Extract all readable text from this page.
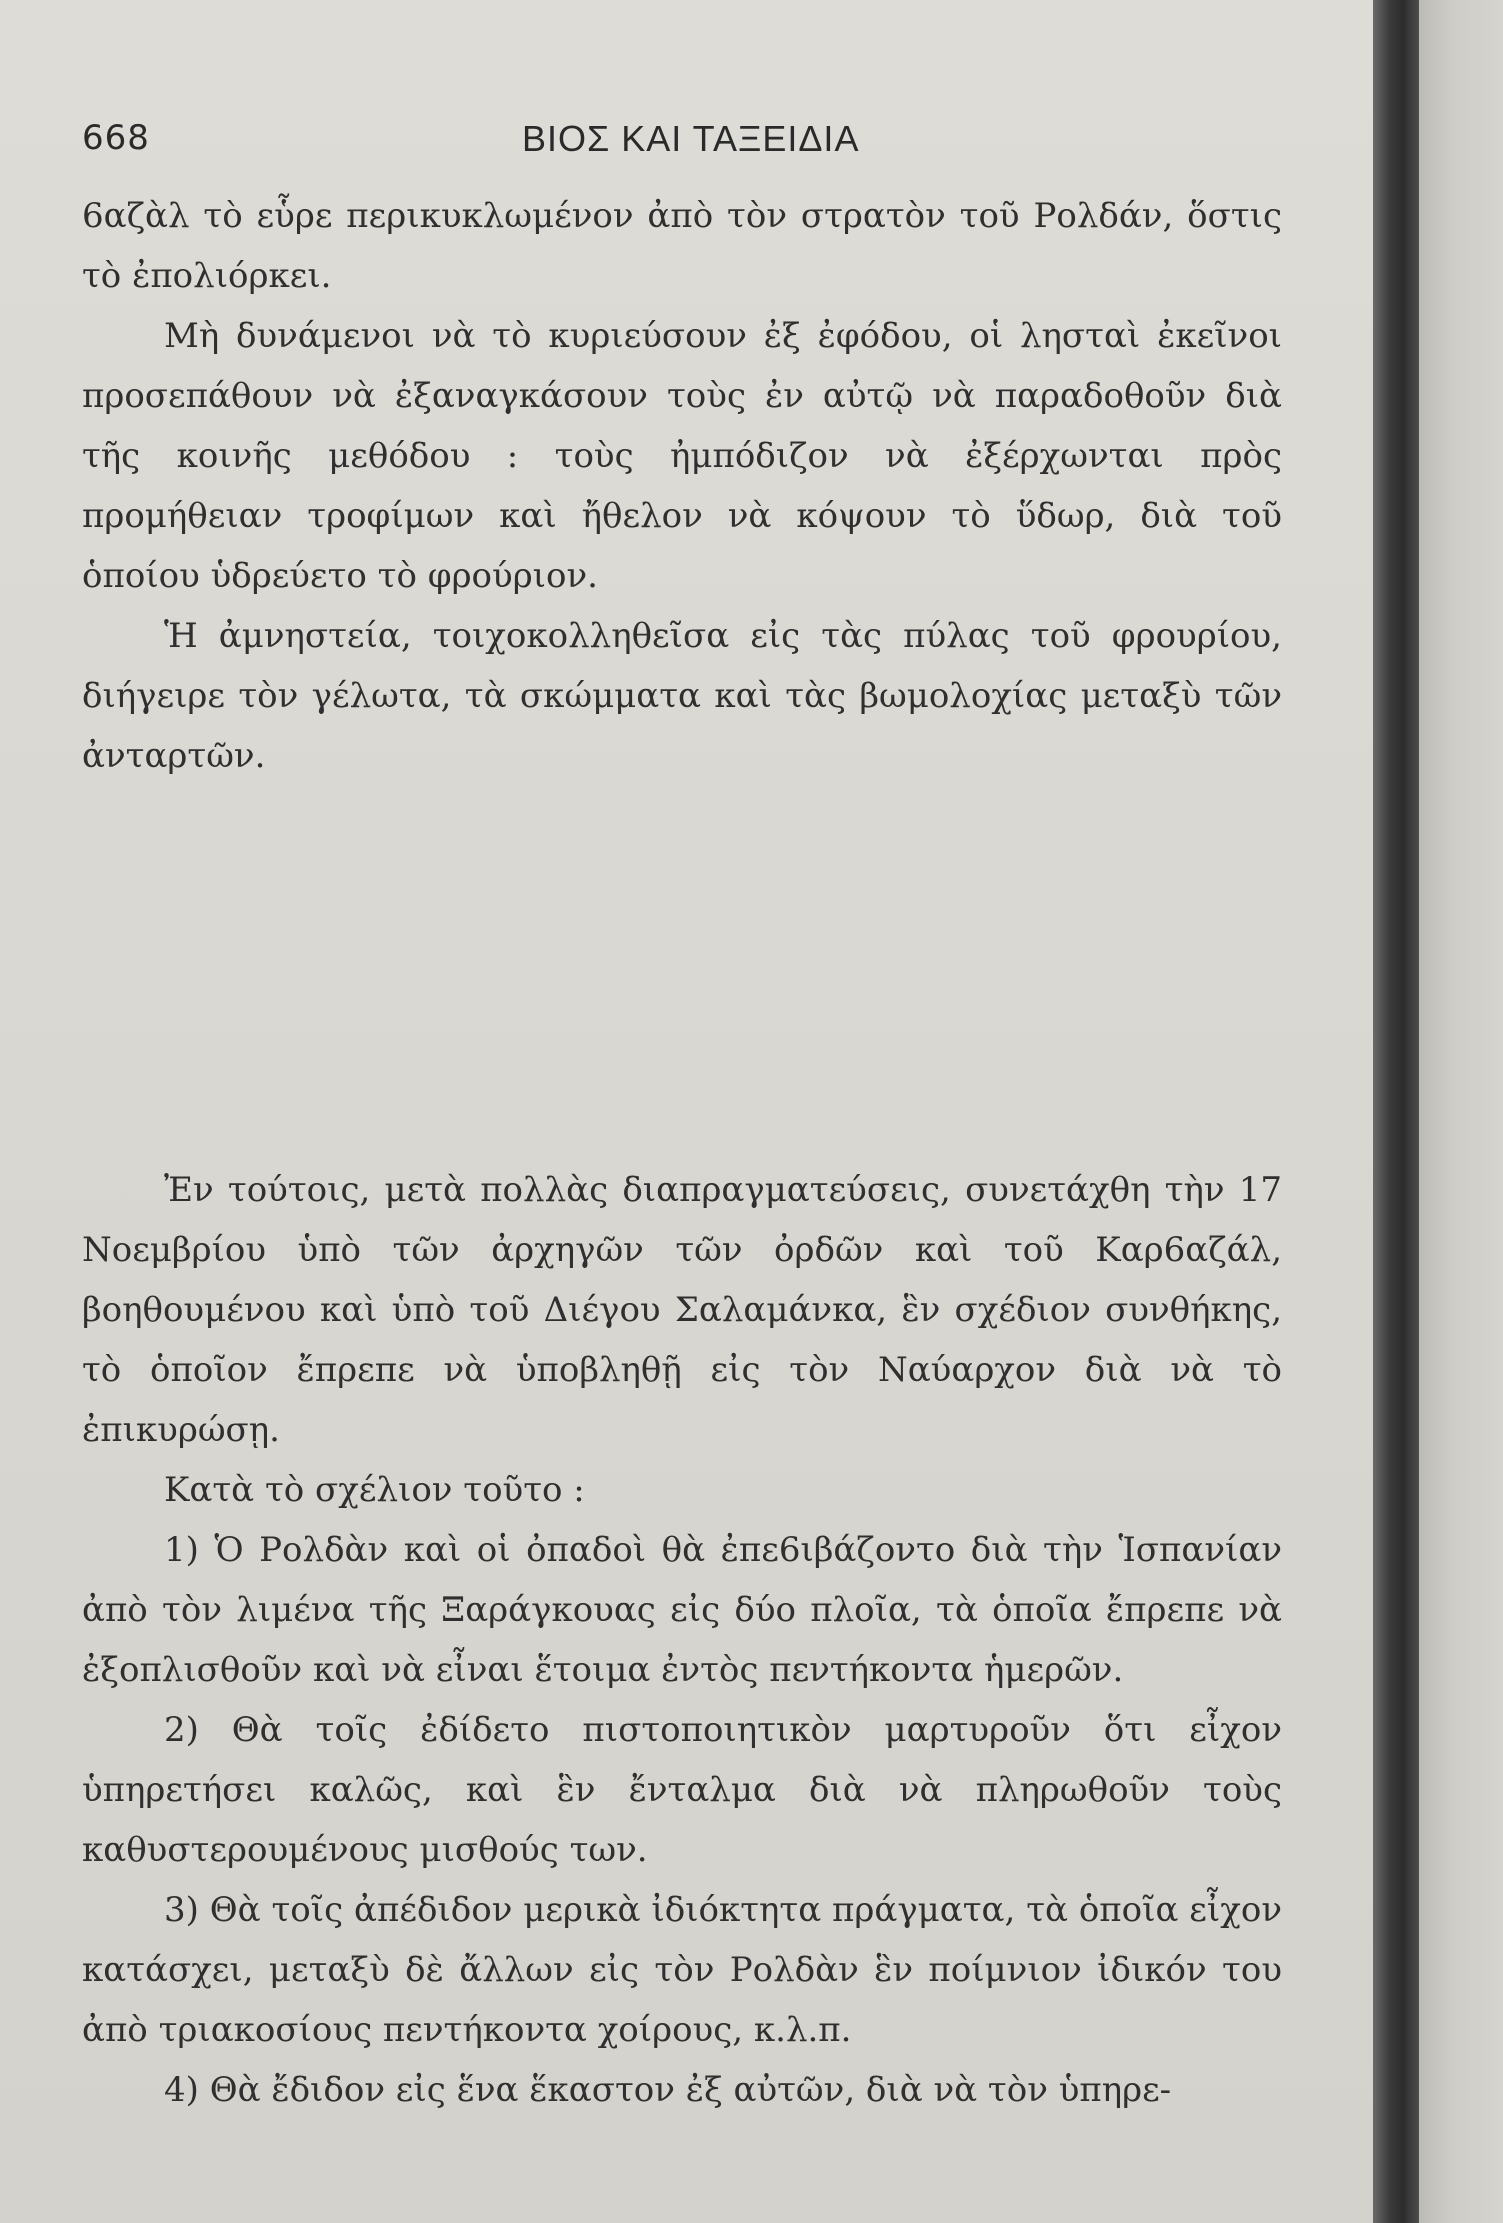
668	ΒΙΟΣ ΚΑΙ ΤΑΞΕΙΔΙΑ

6αζὰλ τὸ εὗρε περικυκλωμένον ἀπὸ τὸν στρατὸν τοῦ Ρολδάν, ὅστις τὸ ἐπολιόρκει.

Μὴ δυνάμενοι νὰ τὸ κυριεύσουν ἐξ ἐφόδου, οἱ λησταὶ ἐκεῖνοι προσεπάθουν νὰ ἐξαναγκάσουν τοὺς ἐν αὐτῷ νὰ παραδοθοῦν διὰ τῆς κοινῆς μεθόδου : τοὺς ἠμπόδιζον νὰ ἐξέρχωνται πρὸς προμήθειαν τροφίμων καὶ ἤθελον νὰ κόψουν τὸ ὕδωρ, διὰ τοῦ ὁποίου ὑδρεύετο τὸ φρούριον.

Ἡ ἀμνηστεία, τοιχοκολληθεῖσα εἰς τὰς πύλας τοῦ φρουρίου, διήγειρε τὸν γέλωτα, τὰ σκώμματα καὶ τὰς βωμολοχίας μεταξὺ τῶν ἀνταρτῶν.

Ἐν τούτοις, μετὰ πολλὰς διαπραγματεύσεις, συνετάχθη τὴν 17 Νοεμβρίου ὑπὸ τῶν ἀρχηγῶν τῶν ὀρδῶν καὶ τοῦ Καρ6αζάλ, βοηθουμένου καὶ ὑπὸ τοῦ Διέγου Σαλαμάνκα, ἓν σχέδιον συνθήκης, τὸ ὁποῖον ἔπρεπε νὰ ὑποβληθῇ εἰς τὸν Ναύαρχον διὰ νὰ τὸ ἐπικυρώσῃ.

Κατὰ τὸ σχέλιον τοῦτο :

1) Ὁ Ρολδὰν καὶ οἱ ὀπαδοὶ θὰ ἐπε6ιβάζοντο διὰ τὴν Ἱσπανίαν ἀπὸ τὸν λιμένα τῆς Ξαράγκουας εἰς δύο πλοῖα, τὰ ὁποῖα ἔπρεπε νὰ ἐξοπλισθοῦν καὶ νὰ εἶναι ἕτοιμα ἐντὸς πεντήκοντα ἡμερῶν.

2) Θὰ τοῖς ἐδίδετο πιστοποιητικὸν μαρτυροῦν ὅτι εἶχον ὑπηρετήσει καλῶς, καὶ ἓν ἔνταλμα διὰ νὰ πληρωθοῦν τοὺς καθυστερουμένους μισθούς των.

3) Θὰ τοῖς ἀπέδιδον μερικὰ ἰδιόκτητα πράγματα, τὰ ὁποῖα εἶχον κατάσχει, μεταξὺ δὲ ἄλλων εἰς τὸν Ρολδὰν ἓν ποίμνιον ἰδικόν του ἀπὸ τριακοσίους πεντήκοντα χοίρους, κ.λ.π.

4) Θὰ ἔδιδον εἰς ἕνα ἕκαστον ἐξ αὐτῶν, διὰ νὰ τὸν ὑπηρε-
